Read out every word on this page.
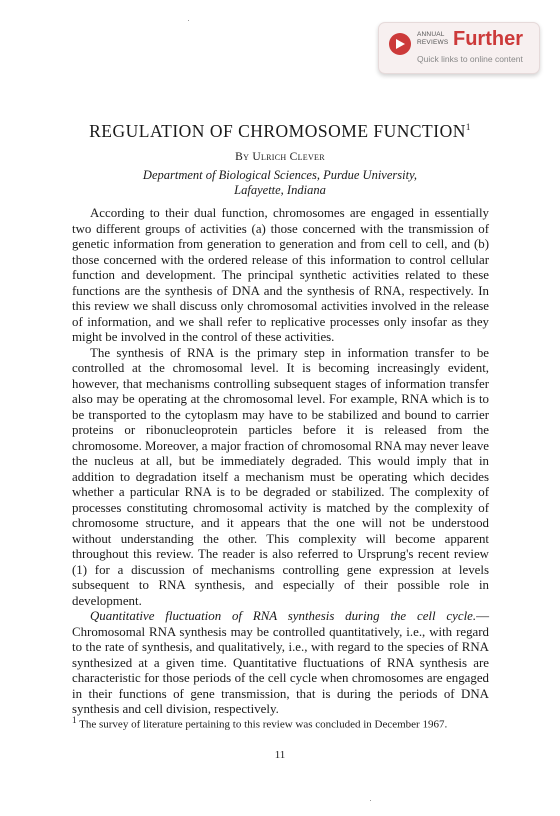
ANNUAL
REVIEWS Further
Quick links to online content
REGULATION OF CHROMOSOME FUNCTION$^1$
By Ulrich Clever
Department of Biological Sciences, Purdue University,
Lafayette, Indiana

According to their dual function, chromosomes are engaged in essentially two different groups of activities (a) those concerned with the transmission of genetic information from generation to generation and from cell to cell, and (b) those concerned with the ordered release of this information to control cellular function and development. The principal synthetic activities related to these functions are the synthesis of DNA and the synthesis of RNA, respectively. In this review we shall discuss only chromosomal activities involved in the release of information, and we shall refer to replicative processes only insofar as they might be involved in the control of these activities.

The synthesis of RNA is the primary step in information transfer to be controlled at the chromosomal level. It is becoming increasingly evident, however, that mechanisms controlling subsequent stages of information transfer also may be operating at the chromosomal level. For example, RNA which is to be transported to the cytoplasm may have to be stabilized and bound to carrier proteins or ribonucleoprotein particles before it is released from the chromosome. Moreover, a major fraction of chromosomal RNA may never leave the nucleus at all, but be immediately degraded. This would imply that in addition to degradation itself a mechanism must be operating which decides whether a particular RNA is to be degraded or stabilized. The complexity of processes constituting chromosomal activity is matched by the complexity of chromosome structure, and it appears that the one will not be understood without understanding the other. This complexity will become apparent throughout this review. The reader is also referred to Ursprung's recent review (1) for a discussion of mechanisms controlling gene expression at levels subsequent to RNA synthesis, and especially of their possible role in development.

Quantitative fluctuation of RNA synthesis during the cell cycle.—Chromosomal RNA synthesis may be controlled quantitatively, i.e., with regard to the rate of synthesis, and qualitatively, i.e., with regard to the species of RNA synthesized at a given time. Quantitative fluctuations of RNA synthesis are characteristic for those periods of the cell cycle when chromosomes are engaged in their functions of gene transmission, that is during the periods of DNA synthesis and cell division, respectively.

$^1$ The survey of literature pertaining to this review was concluded in December 1967.
11
